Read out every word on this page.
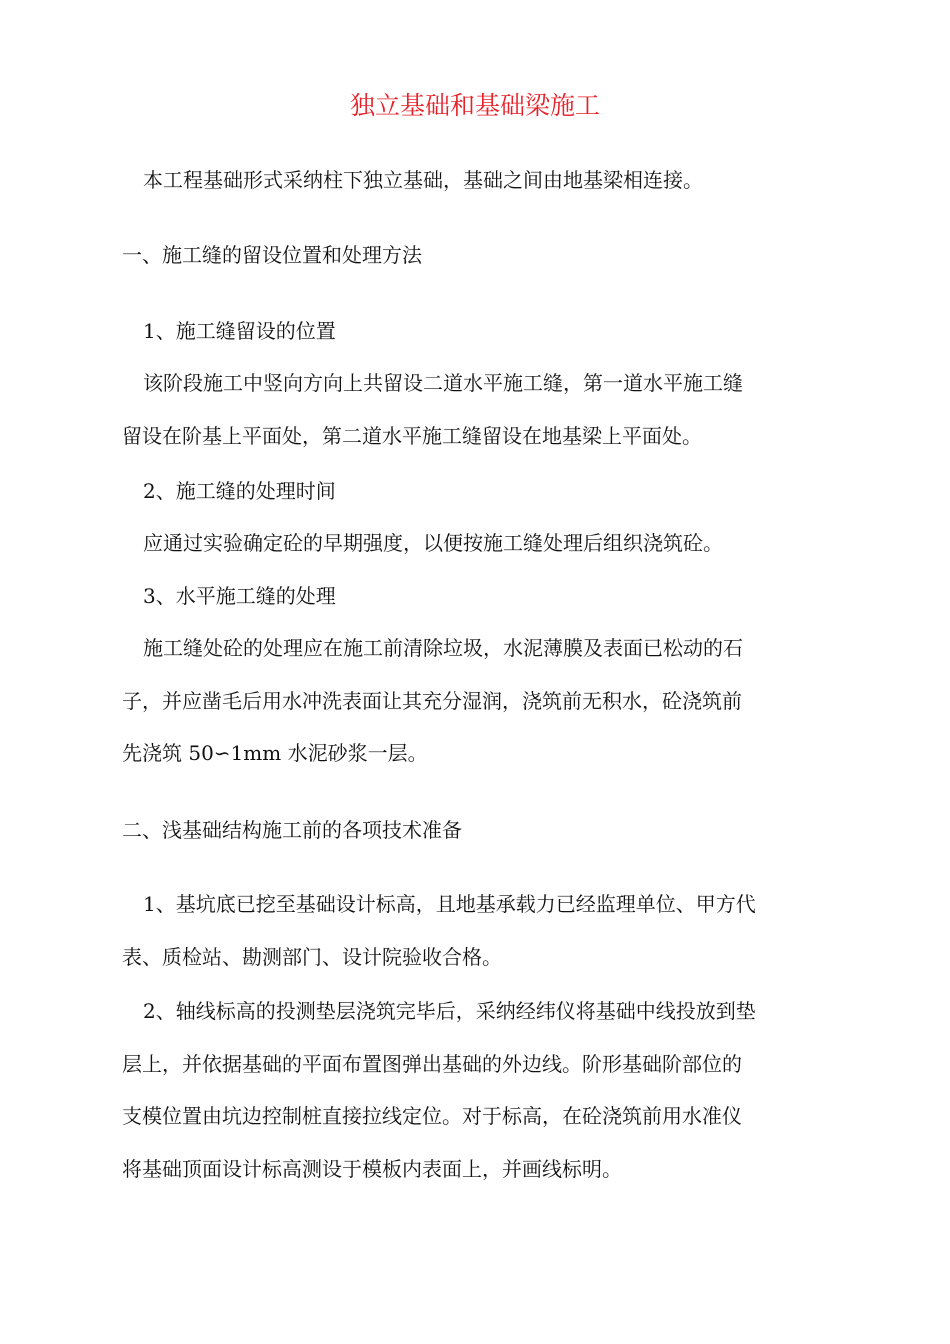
独立基础和基础梁施工
本工程基础形式采纳柱下独立基础，基础之间由地基梁相连接。
一、施工缝的留设位置和处理方法
1、施工缝留设的位置
该阶段施工中竖向方向上共留设二道水平施工缝，第一道水平施工缝
留设在阶基上平面处，第二道水平施工缝留设在地基梁上平面处。
2、施工缝的处理时间
应通过实验确定砼的早期强度，以便按施工缝处理后组织浇筑砼。
3、水平施工缝的处理
施工缝处砼的处理应在施工前清除垃圾，水泥薄膜及表面已松动的石
子，并应凿毛后用水冲洗表面让其充分湿润，浇筑前无积水，砼浇筑前
先浇筑 50∽1mm 水泥砂浆一层。
二、浅基础结构施工前的各项技术准备
1、基坑底已挖至基础设计标高，且地基承载力已经监理单位、甲方代
表、质检站、勘测部门、设计院验收合格。
2、轴线标高的投测垫层浇筑完毕后，采纳经纬仪将基础中线投放到垫
层上，并依据基础的平面布置图弹出基础的外边线。阶形基础阶部位的
支模位置由坑边控制桩直接拉线定位。对于标高，在砼浇筑前用水准仪
将基础顶面设计标高测设于模板内表面上，并画线标明。
